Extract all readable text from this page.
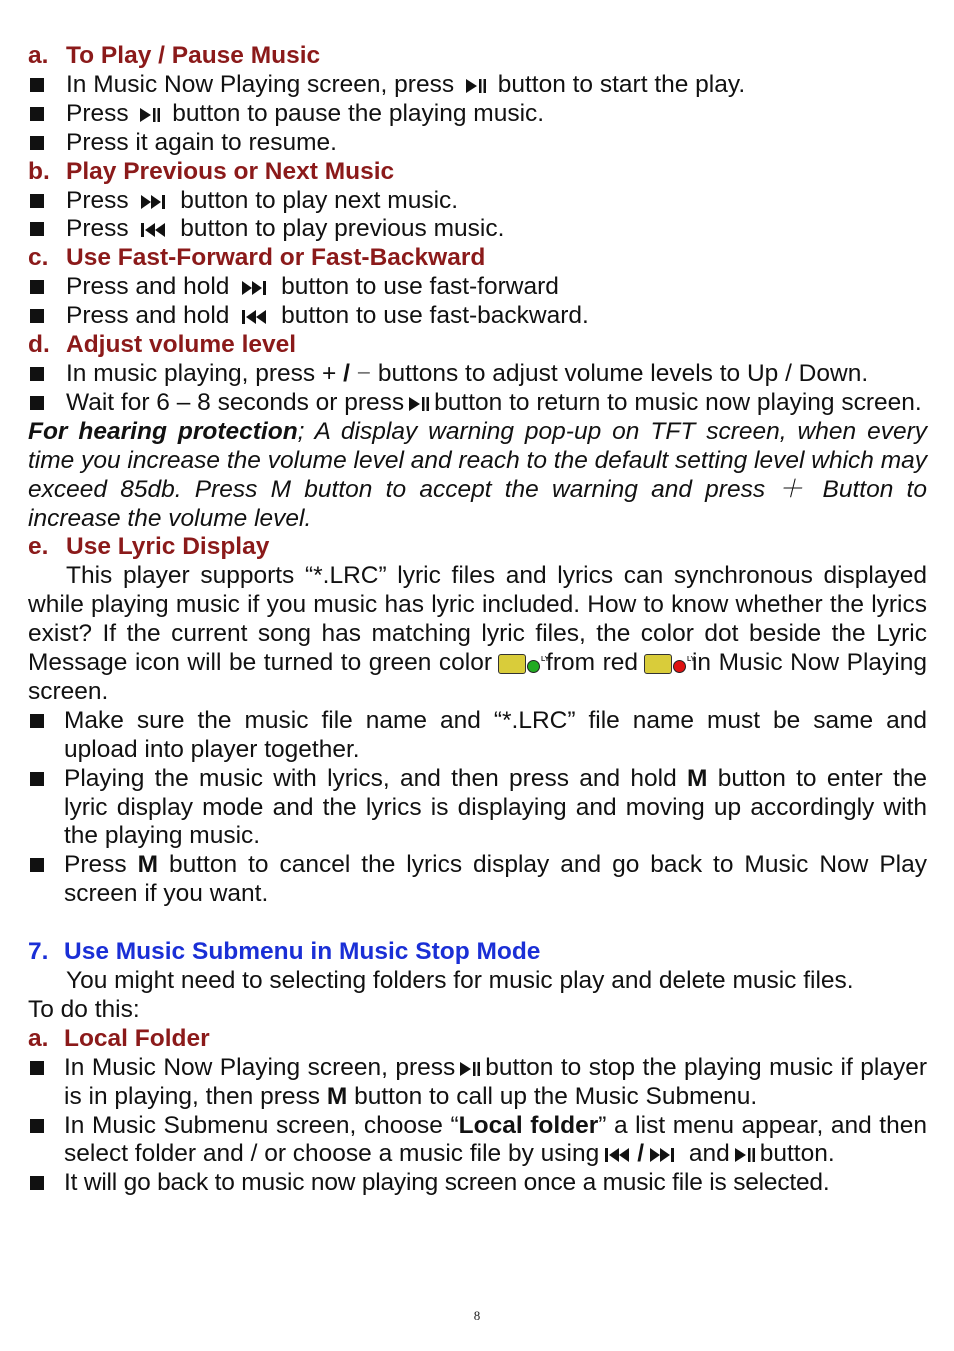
a. To Play / Pause Music
In Music Now Playing screen, press button to start the play.
Press button to pause the playing music.
Press it again to resume.
b. Play Previous or Next Music
Press button to play next music.
Press button to play previous music.
c. Use Fast-Forward or Fast-Backward
Press and hold button to use fast-forward
Press and hold button to use fast-backward.
d. Adjust volume level
In music playing, press + / − buttons to adjust volume levels to Up / Down.
Wait for 6 – 8 seconds or press button to return to music now playing screen.
For hearing protection; A display warning pop-up on TFT screen, when every time you increase the volume level and reach to the default setting level which may exceed 85db. Press M button to accept the warning and press ＋ Button to increase the volume level.
e. Use Lyric Display
This player supports “*.LRC” lyric files and lyrics can synchronous displayed while playing music if you music has lyric included. How to know whether the lyrics exist? If the current song has matching lyric files, the color dot beside the Lyric Message icon will be turned to green color LY from red LY in Music Now Playing screen.
Make sure the music file name and “*.LRC” file name must be same and upload into player together.
Playing the music with lyrics, and then press and hold M button to enter the lyric display mode and the lyrics is displaying and moving up accordingly with the playing music.
Press M button to cancel the lyrics display and go back to Music Now Play screen if you want.
7. Use Music Submenu in Music Stop Mode
You might need to selecting folders for music play and delete music files.
To do this:
a. Local Folder
In Music Now Playing screen, press button to stop the playing music if player is in playing, then press M button to call up the Music Submenu.
In Music Submenu screen, choose “Local folder” a list menu appear, and then select folder and / or choose a music file by using / and button.
It will go back to music now playing screen once a music file is selected.
8
